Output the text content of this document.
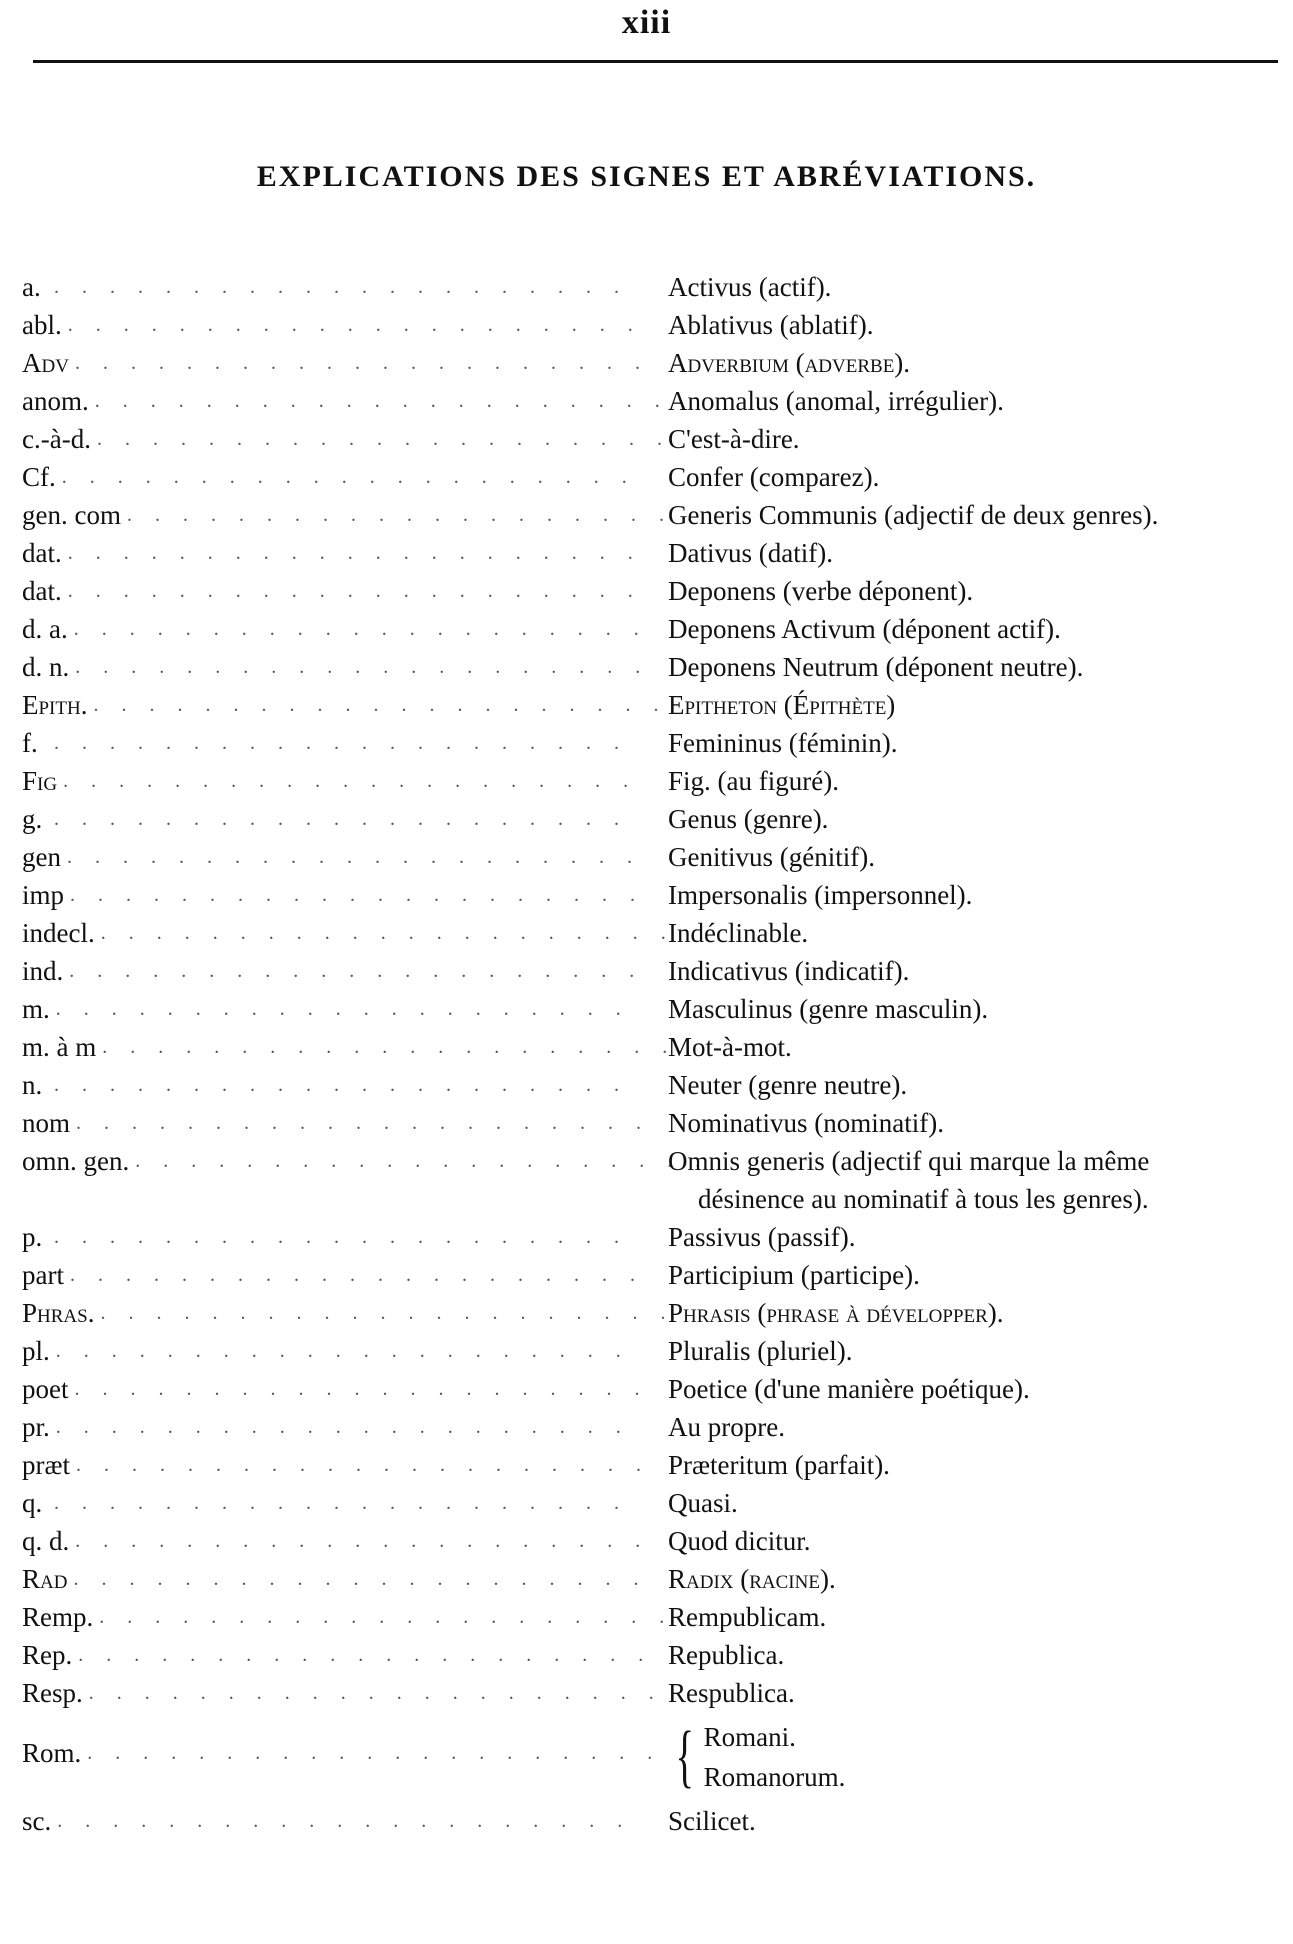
xiii
EXPLICATIONS DES SIGNES ET ABRÉVIATIONS.
a. ..................... Activus (actif).
abl. ..................... Ablativus (ablatif).
Adv ..................... Adverbium (adverbe).
anom. .....................
Anomalus (anomal, irrégulier).
c.-à-d. .....................
C'est-à-dire.
Cf. ..................... Confer (comparez).
gen. com .....................
Generis Communis (adjectif de deux genres).
dat. ..................... Dativus (datif).
dat. ..................... Deponens (verbe déponent).
d. a. ..................... Deponens Activum (déponent actif).
d. n. ..................... Deponens Neutrum (déponent neutre).
Epith. .....................
Epitheton (Épithète)
f. ..................... Femininus (féminin).
Fig ..................... Fig. (au figuré).
g. ..................... Genus (genre).
gen ..................... Genitivus (génitif).
imp ..................... Impersonalis (impersonnel).
indecl. .....................
Indéclinable.
ind. ..................... Indicativus (indicatif).
m. ..................... Masculinus (genre masculin).
m. à m .....................
Mot-à-mot.
n. ..................... Neuter (genre neutre).
nom ..................... Nominativus (nominatif).
omn. gen. .....................
Omnis generis (adjectif qui marque la même
désinence au nominatif à tous les genres).
p. ..................... Passivus (passif).
part ..................... Participium (participe).
Phras. .....................
Phrasis (phrase à développer).
pl. ..................... Pluralis (pluriel).
poet ..................... Poetice (d'une manière poétique).
pr. ..................... Au propre.
præt ..................... Præteritum (parfait).
q. ..................... Quasi.
q. d. ..................... Quod dicitur.
Rad ..................... Radix (racine).
Remp. .....................
Rempublicam.
Rep. ..................... Republica.
Resp. .....................
Respublica.
Rom. ..................... { Romani.
Romanorum.
sc. ..................... Scilicet.
